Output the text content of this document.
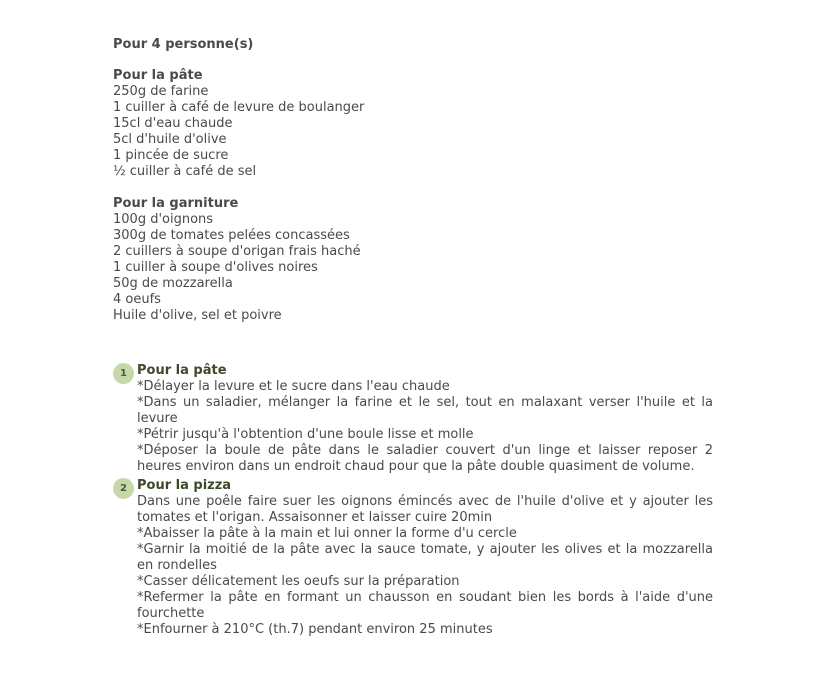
Pour 4 personne(s)
Pour la pâte
250g de farine
1 cuiller à café de levure de boulanger
15cl d'eau chaude
5cl d'huile d'olive
1 pincée de sucre
½ cuiller à café de sel
Pour la garniture
100g d'oignons
300g de tomates pelées concassées
2 cuillers à soupe d'origan frais haché
1 cuiller à soupe d'olives noires
50g de mozzarella
4 oeufs
Huile d'olive, sel et poivre
1 Pour la pâte
*Délayer la levure et le sucre dans l'eau chaude
*Dans un saladier, mélanger la farine et le sel, tout en malaxant verser l'huile et la levure
*Pétrir jusqu'à l'obtention d'une boule lisse et molle
*Déposer la boule de pâte dans le saladier couvert d'un linge et laisser reposer 2 heures environ dans un endroit chaud pour que la pâte double quasiment de volume.
2 Pour la pizza
Dans une poêle faire suer les oignons émincés avec de l'huile d'olive et y ajouter les tomates et l'origan. Assaisonner et laisser cuire 20min
*Abaisser la pâte à la main et lui onner la forme d'u cercle
*Garnir la moitié de la pâte avec la sauce tomate, y ajouter les olives et la mozzarella en rondelles
*Casser délicatement les oeufs sur la préparation
*Refermer la pâte en formant un chausson en soudant bien les bords à l'aide d'une fourchette
*Enfourner à 210°C (th.7) pendant environ 25 minutes
